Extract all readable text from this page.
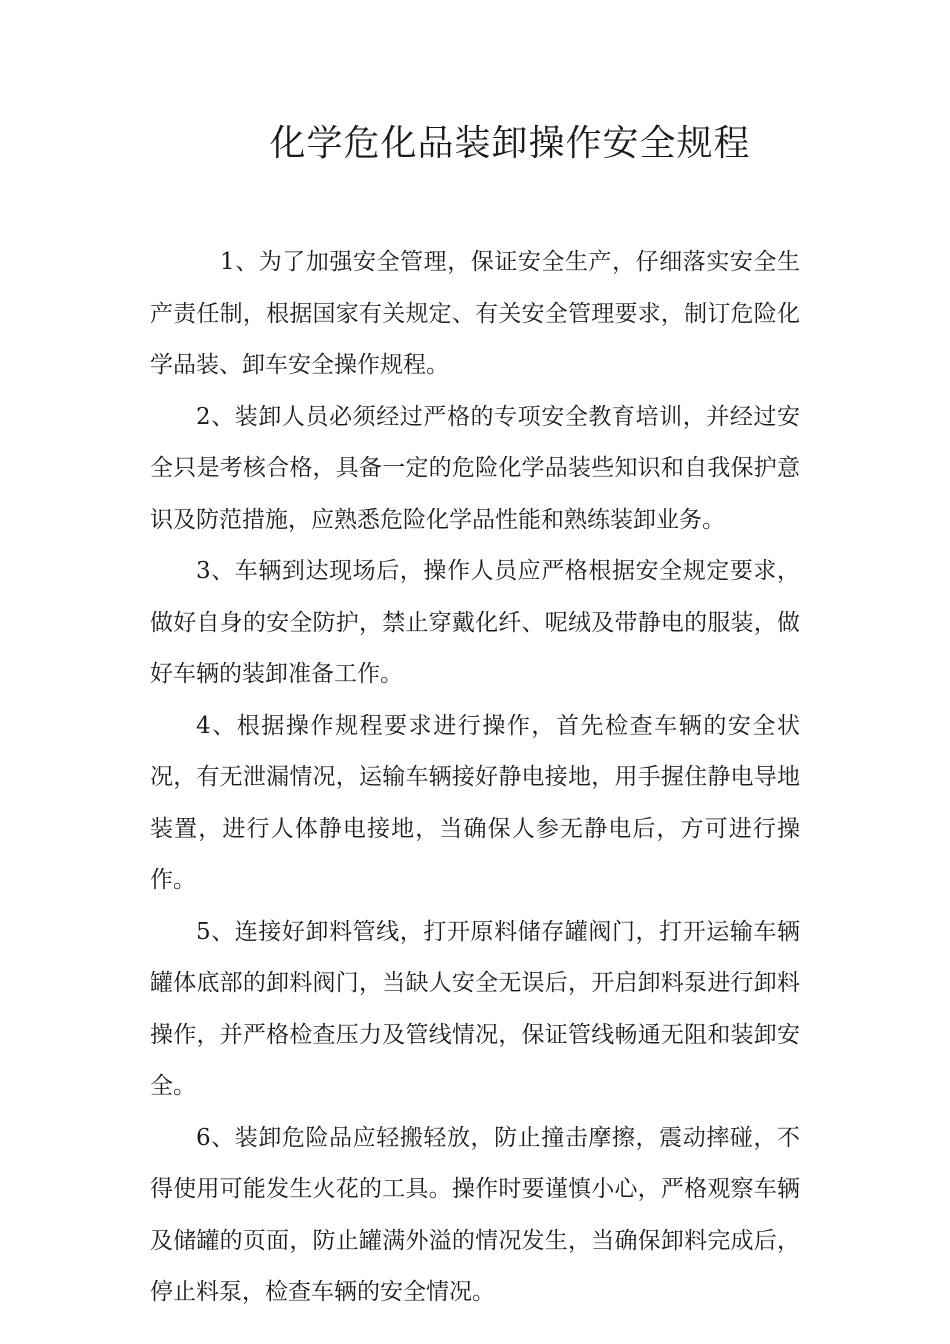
化学危化品装卸操作安全规程

1、为了加强安全管理，保证安全生产，仔细落实安全生产责任制，根据国家有关规定、有关安全管理要求，制订危险化学品装、卸车安全操作规程。

2、装卸人员必须经过严格的专项安全教育培训，并经过安全只是考核合格，具备一定的危险化学品装些知识和自我保护意识及防范措施，应熟悉危险化学品性能和熟练装卸业务。

3、车辆到达现场后，操作人员应严格根据安全规定要求，做好自身的安全防护，禁止穿戴化纤、呢绒及带静电的服装，做好车辆的装卸准备工作。

4、根据操作规程要求进行操作，首先检查车辆的安全状况，有无泄漏情况，运输车辆接好静电接地，用手握住静电导地装置，进行人体静电接地，当确保人参无静电后，方可进行操作。

5、连接好卸料管线，打开原料储存罐阀门，打开运输车辆罐体底部的卸料阀门，当缺人安全无误后，开启卸料泵进行卸料操作，并严格检查压力及管线情况，保证管线畅通无阻和装卸安全。

6、装卸危险品应轻搬轻放，防止撞击摩擦，震动摔碰，不得使用可能发生火花的工具。操作时要谨慎小心，严格观察车辆及储罐的页面，防止罐满外溢的情况发生，当确保卸料完成后，停止料泵，检查车辆的安全情况。
